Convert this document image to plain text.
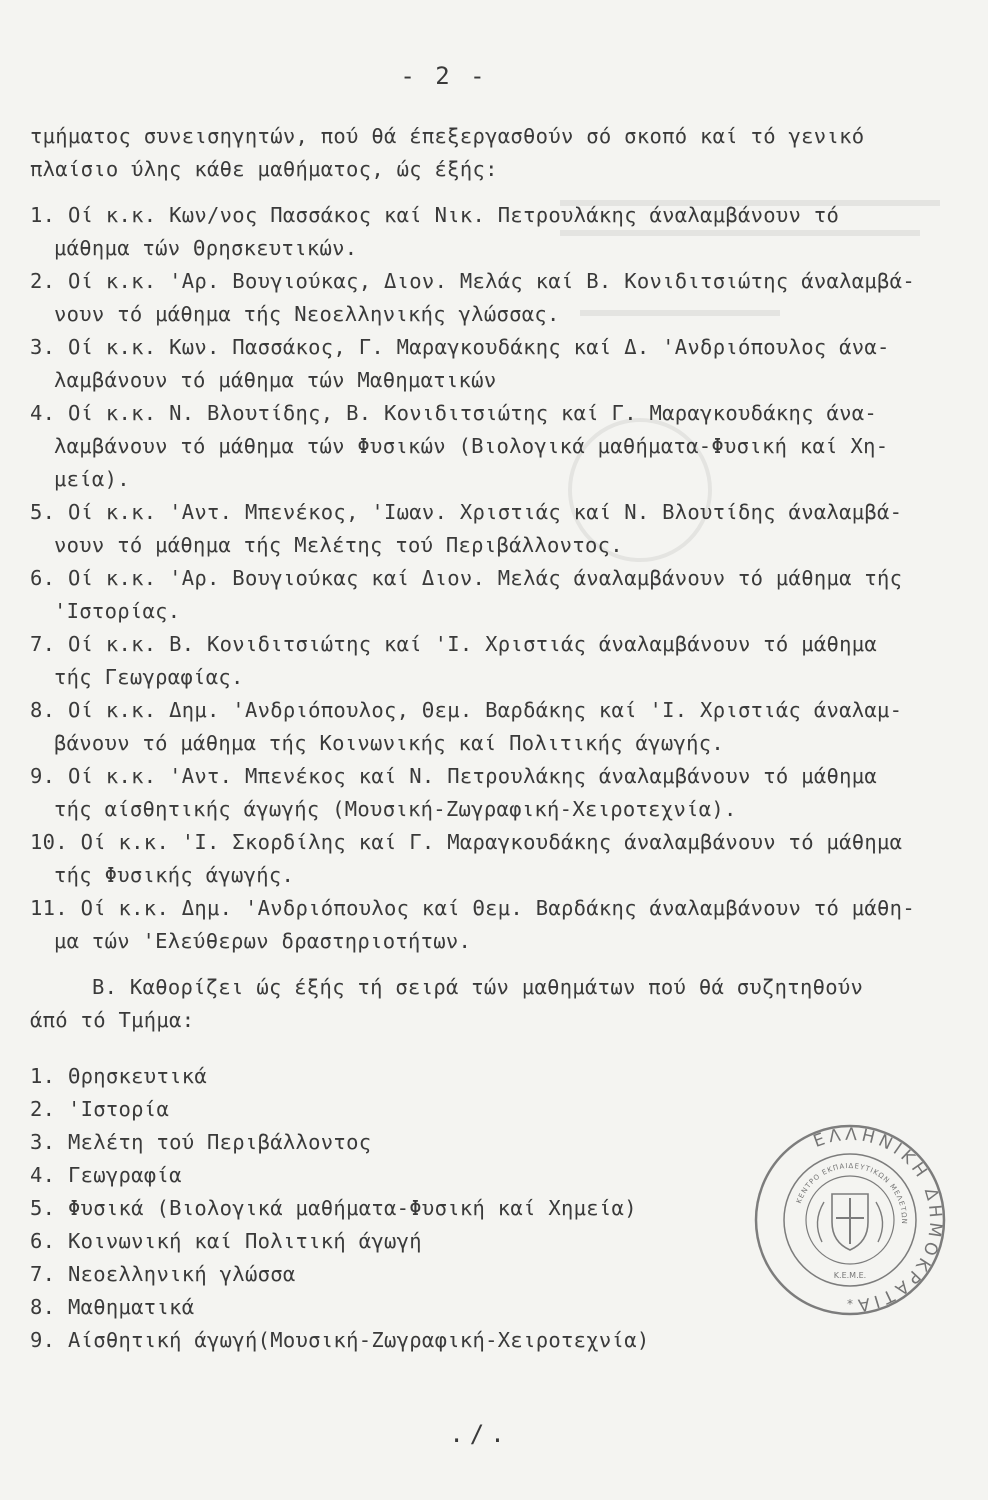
- 2 -
τμήματος συνεισηγητών, πού θά έπεξεργασθούν σό σκοπό καί τό γενικό
πλαίσιο ύλης κάθε μαθήματος, ώς έξής:
1. Οί κ.κ. Κων/νος Πασσάκος καί Νικ. Πετρουλάκης άναλαμβάνουν τό
μάθημα τών Θρησκευτικών.
2. Οί κ.κ. 'Αρ. Βουγιούκας, Διον. Μελάς καί Β. Κονιδιτσιώτης άναλαμβά-
νουν τό μάθημα τής Νεοελληνικής γλώσσας.
3. Οί κ.κ. Κων. Πασσάκος, Γ. Μαραγκουδάκης καί Δ. 'Ανδριόπουλος άνα-
λαμβάνουν τό μάθημα τών Μαθηματικών
4. Οί κ.κ. Ν. Βλουτίδης, Β. Κονιδιτσιώτης καί Γ. Μαραγκουδάκης άνα-
λαμβάνουν τό μάθημα τών Φυσικών (Βιολογικά μαθήματα-Φυσική καί Χη-
μεία).
5. Οί κ.κ. 'Αντ. Μπενέκος, 'Ιωαν. Χριστιάς καί Ν. Βλουτίδης άναλαμβά-
νουν τό μάθημα τής Μελέτης τού Περιβάλλοντος.
6. Οί κ.κ. 'Αρ. Βουγιούκας καί Διον. Μελάς άναλαμβάνουν τό μάθημα τής
'Ιστορίας.
7. Οί κ.κ. Β. Κονιδιτσιώτης καί 'Ι. Χριστιάς άναλαμβάνουν τό μάθημα
τής Γεωγραφίας.
8. Οί κ.κ. Δημ. 'Ανδριόπουλος, Θεμ. Βαρδάκης καί 'Ι. Χριστιάς άναλαμ-
βάνουν τό μάθημα τής Κοινωνικής καί Πολιτικής άγωγής.
9. Οί κ.κ. 'Αντ. Μπενέκος καί Ν. Πετρουλάκης άναλαμβάνουν τό μάθημα
τής αίσθητικής άγωγής (Μουσική-Ζωγραφική-Χειροτεχνία).
10. Οί κ.κ. 'Ι. Σκορδίλης καί Γ. Μαραγκουδάκης άναλαμβάνουν τό μάθημα
τής Φυσικής άγωγής.
11. Οί κ.κ. Δημ. 'Ανδριόπουλος καί Θεμ. Βαρδάκης άναλαμβάνουν τό μάθη-
μα τών 'Ελεύθερων δραστηριοτήτων.
Β. Καθορίζει ώς έξής τή σειρά τών μαθημάτων πού θά συζητηθούν
άπό τό Τμήμα:
1. Θρησκευτικά
2. 'Ιστορία
3. Μελέτη τού Περιβάλλοντος
4. Γεωγραφία
5. Φυσικά (Βιολογικά μαθήματα-Φυσική καί Χημεία)
6. Κοινωνική καί Πολιτική άγωγή
7. Νεοελληνική γλώσσα
8. Μαθηματικά
9. Αίσθητική άγωγή(Μουσική-Ζωγραφική-Χειροτεχνία)
ΕΛΛΗΝΙΚΗ ΔΗΜΟΚΡΑΤΙΑ
ΚΕΝΤΡΟ ΕΚΠΑΙΔΕΥΤΙΚΩΝ ΜΕΛΕΤΩΝ
Κ.Ε.Μ.Ε.
*
./.
